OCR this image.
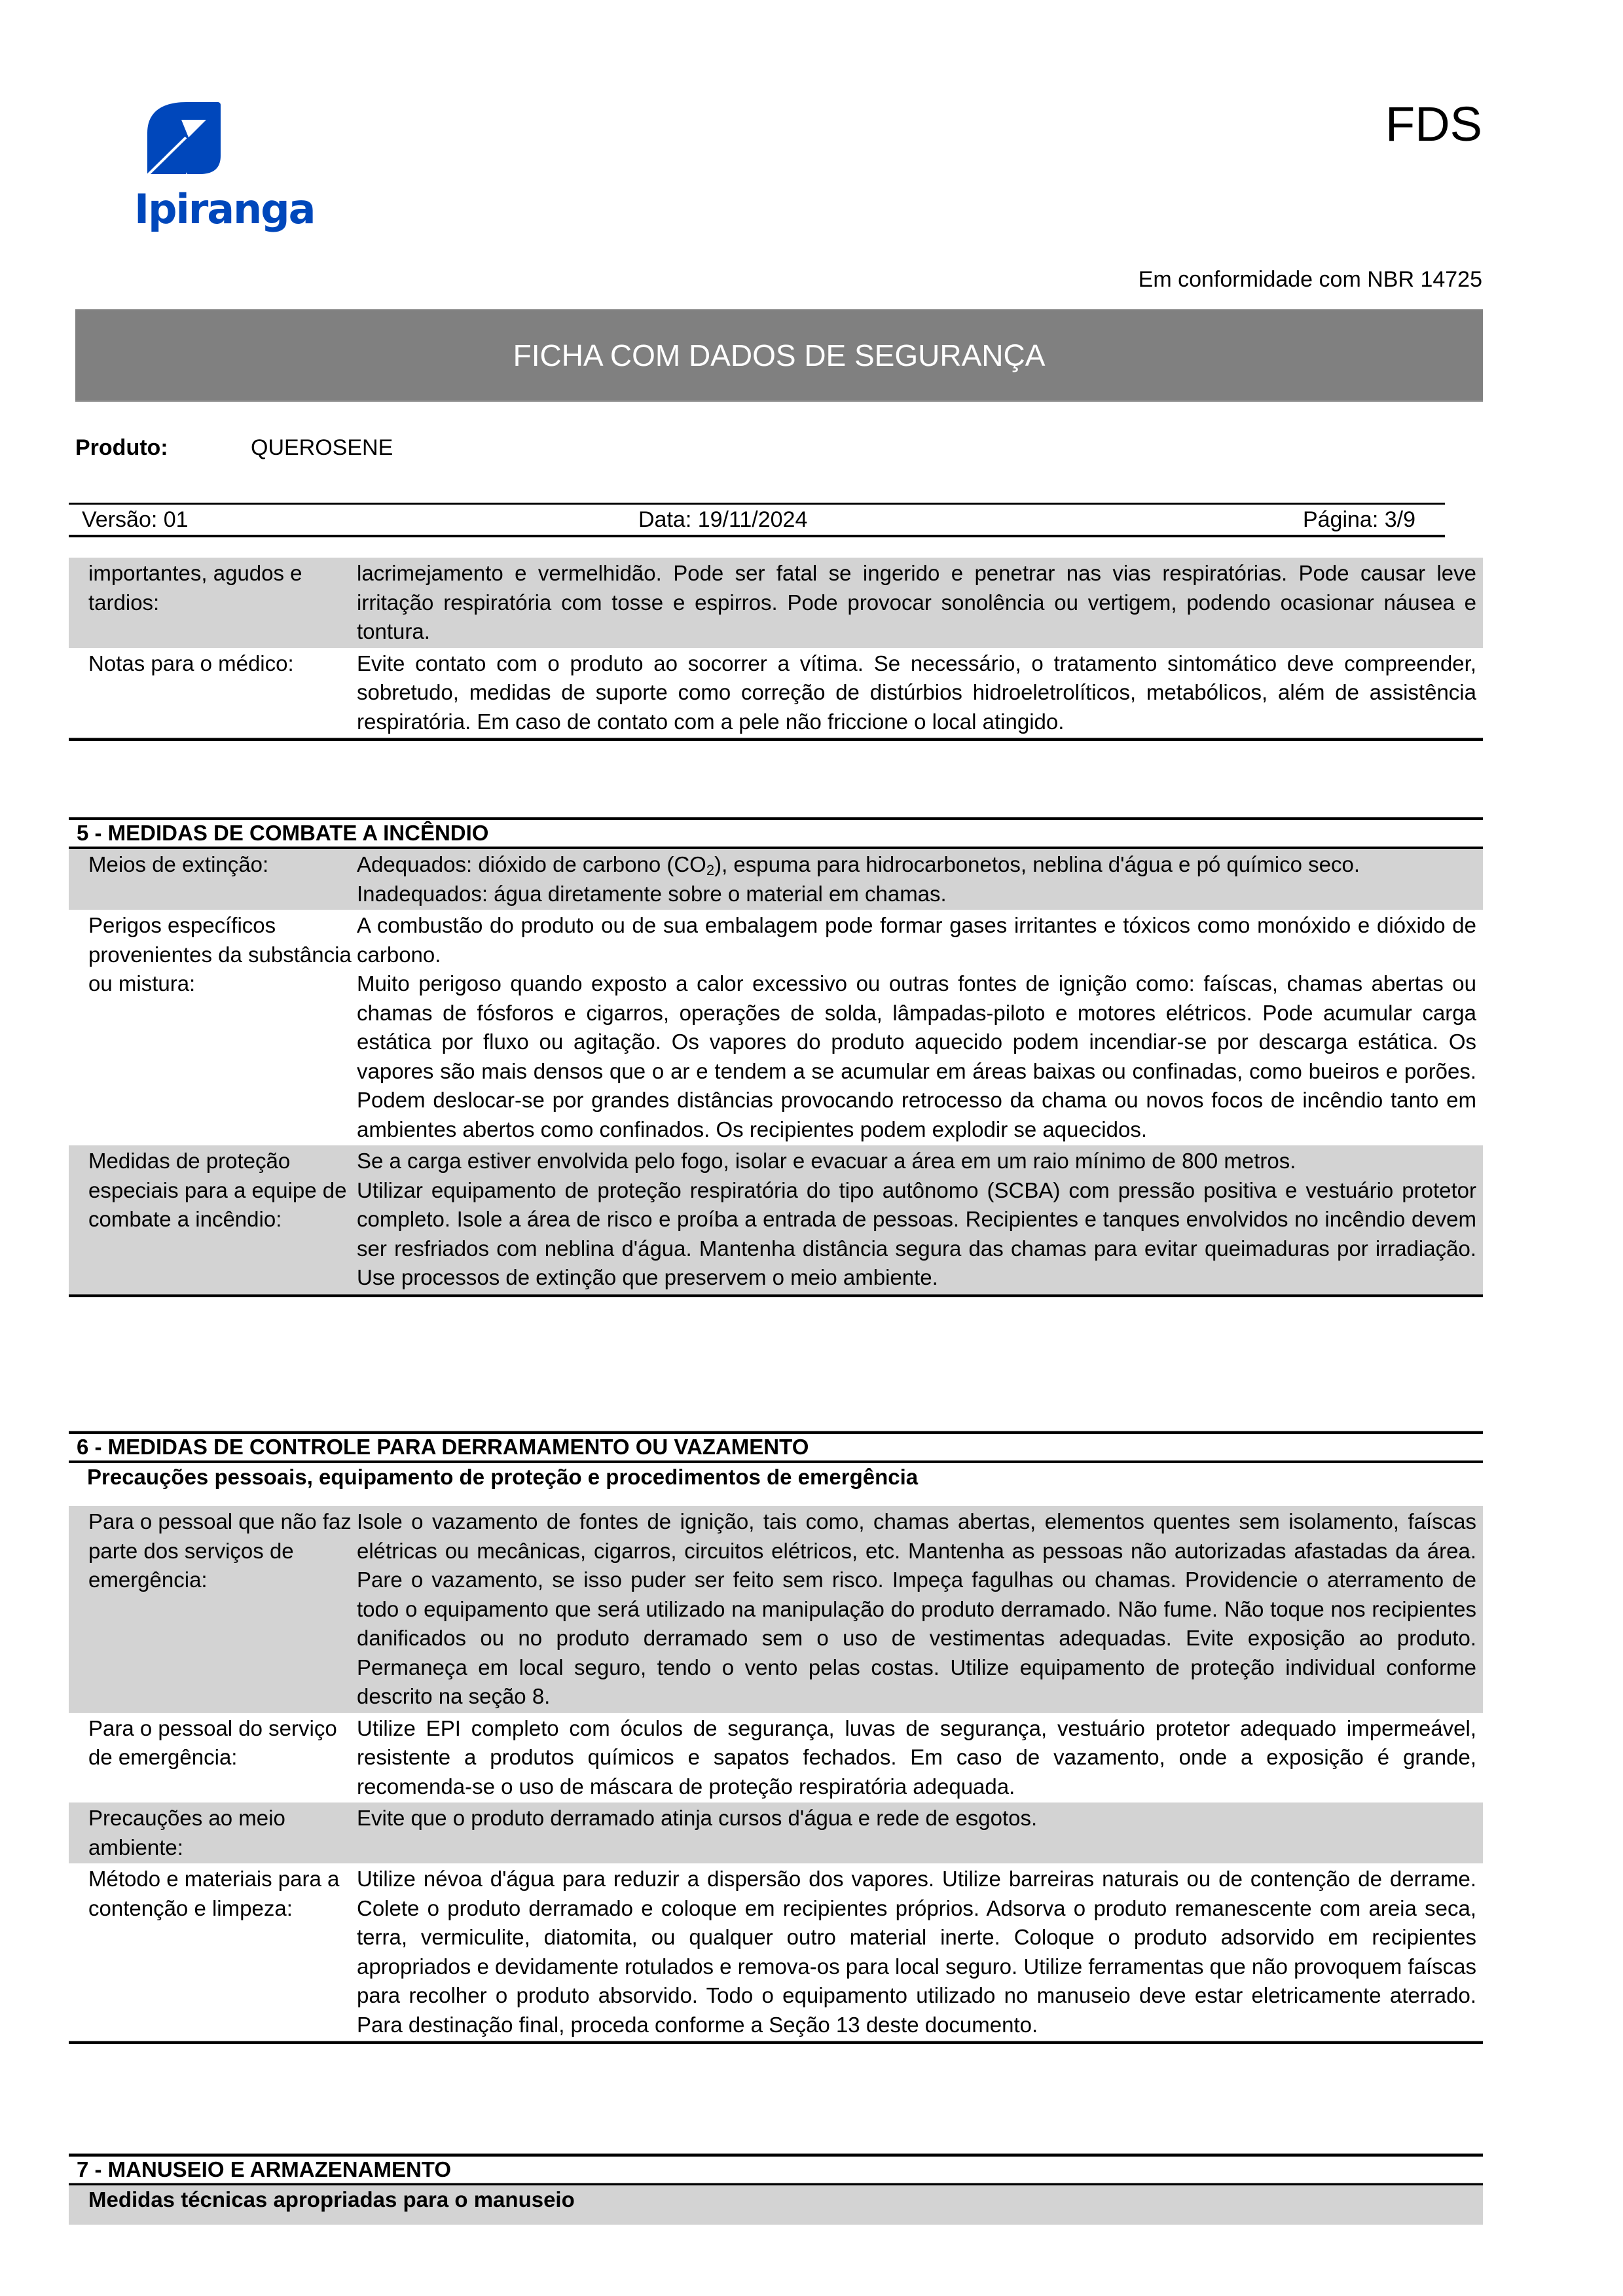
Ipiranga
FDS
Em conformidade com NBR 14725
FICHA COM DADOS DE SEGURANÇA
Produto:	QUEROSENE
Versão: 01	Data: 19/11/2024	Página: 3/9
importantes, agudos e tardios:
lacrimejamento e vermelhidão. Pode ser fatal se ingerido e penetrar nas vias respiratórias. Pode causar leve irritação respiratória com tosse e espirros. Pode provocar sonolência ou vertigem, podendo ocasionar náusea e tontura.
Notas para o médico:	Evite contato com o produto ao socorrer a vítima. Se necessário, o tratamento sintomático deve compreender, sobretudo, medidas de suporte como correção de distúrbios hidroeletrolíticos, metabólicos, além de assistência respiratória. Em caso de contato com a pele não friccione o local atingido.
5 - MEDIDAS DE COMBATE A INCÊNDIO
Meios de extinção:	Adequados: dióxido de carbono $(CO_2)$, espuma para hidrocarbonetos, neblina d'água e pó químico seco.

Inadequados: água diretamente sobre o material em chamas.

Perigos específicos provenientes da substância ou mistura:

A combustão do produto ou de sua embalagem pode formar gases irritantes e tóxicos como monóxido e dióxido de carbono.

Muito perigoso quando exposto a calor excessivo ou outras fontes de ignição como: faíscas, chamas abertas ou chamas de fósforos e cigarros, operações de solda, lâmpadas-piloto e motores elétricos. Pode acumular carga estática por fluxo ou agitação. Os vapores do produto aquecido podem incendiar-se por descarga estática. Os vapores são mais densos que o ar e tendem a se acumular em áreas baixas ou confinadas, como bueiros e porões. Podem deslocar-se por grandes distâncias provocando retrocesso da chama ou novos focos de incêndio tanto em ambientes abertos como confinados. Os recipientes podem explodir se aquecidos.

Medidas de proteção especiais para a equipe de combate a incêndio:

Se a carga estiver envolvida pelo fogo, isolar e evacuar a área em um raio mínimo de 800 metros.

Utilizar equipamento de proteção respiratória do tipo autônomo (SCBA) com pressão positiva e vestuário protetor completo. Isole a área de risco e proíba a entrada de pessoas. Recipientes e tanques envolvidos no incêndio devem ser resfriados com neblina d'água. Mantenha distância segura das chamas para evitar queimaduras por irradiação. Use processos de extinção que preservem o meio ambiente.

6 - MEDIDAS DE CONTROLE PARA DERRAMAMENTO OU VAZAMENTO
Precauções pessoais, equipamento de proteção e procedimentos de emergência
Para o pessoal que não faz parte dos serviços de emergência:
Isole o vazamento de fontes de ignição, tais como, chamas abertas, elementos quentes sem isolamento, faíscas elétricas ou mecânicas, cigarros, circuitos elétricos, etc. Mantenha as pessoas não autorizadas afastadas da área. Pare o vazamento, se isso puder ser feito sem risco. Impeça fagulhas ou chamas. Providencie o aterramento de todo o equipamento que será utilizado na manipulação do produto derramado. Não fume. Não toque nos recipientes danificados ou no produto derramado sem o uso de vestimentas adequadas. Evite exposição ao produto. Permaneça em local seguro, tendo o vento pelas costas. Utilize equipamento de proteção individual conforme descrito na seção 8.
Para o pessoal do serviço de emergência:
Utilize EPI completo com óculos de segurança, luvas de segurança, vestuário protetor adequado impermeável, resistente a produtos químicos e sapatos fechados. Em caso de vazamento, onde a exposição é grande, recomenda-se o uso de máscara de proteção respiratória adequada.
Precauções ao meio ambiente:
Evite que o produto derramado atinja cursos d'água e rede de esgotos.
Método e materiais para a contenção e limpeza:
Utilize névoa d'água para reduzir a dispersão dos vapores. Utilize barreiras naturais ou de contenção de derrame. Colete o produto derramado e coloque em recipientes próprios. Adsorva o produto remanescente com areia seca, terra, vermiculite, diatomita, ou qualquer outro material inerte. Coloque o produto adsorvido em recipientes apropriados e devidamente rotulados e remova-os para local seguro. Utilize ferramentas que não provoquem faíscas para recolher o produto absorvido. Todo o equipamento utilizado no manuseio deve estar eletricamente aterrado. Para destinação final, proceda conforme a Seção 13 deste documento.
7 - MANUSEIO E ARMAZENAMENTO
Medidas técnicas apropriadas para o manuseio
